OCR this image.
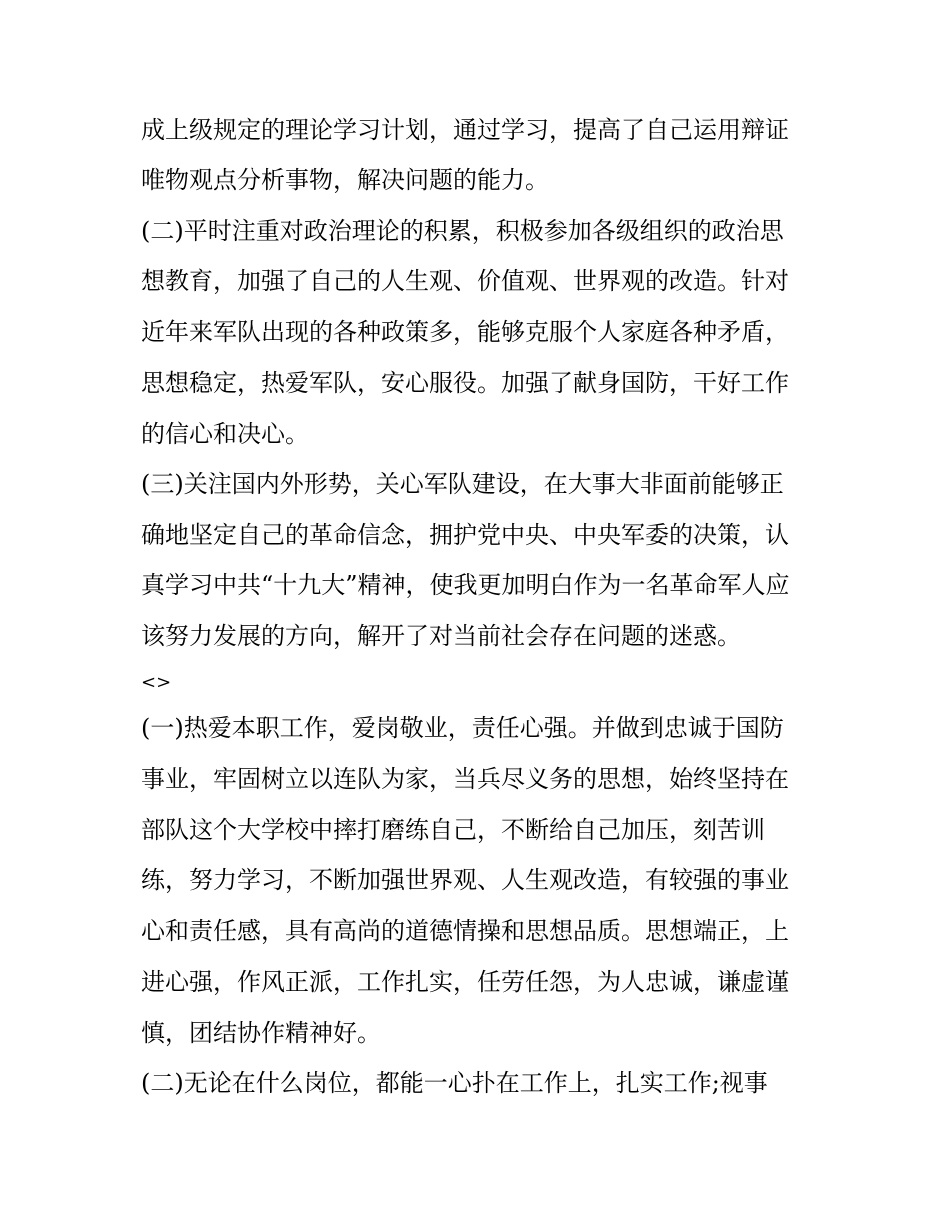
成上级规定的理论学习计划，通过学习，提高了自己运用辩证
唯物观点分析事物，解决问题的能力。
(二)平时注重对政治理论的积累，积极参加各级组织的政治思
想教育，加强了自己的人生观、价值观、世界观的改造。针对
近年来军队出现的各种政策多，能够克服个人家庭各种矛盾，
思想稳定，热爱军队，安心服役。加强了献身国防，干好工作
的信心和决心。
(三)关注国内外形势，关心军队建设，在大事大非面前能够正
确地坚定自己的革命信念，拥护党中央、中央军委的决策，认
真学习中共“十九大”精神，使我更加明白作为一名革命军人应
该努力发展的方向，解开了对当前社会存在问题的迷惑。
<>
(一)热爱本职工作，爱岗敬业，责任心强。并做到忠诚于国防
事业，牢固树立以连队为家，当兵尽义务的思想，始终坚持在
部队这个大学校中摔打磨练自己，不断给自己加压，刻苦训
练，努力学习，不断加强世界观、人生观改造，有较强的事业
心和责任感，具有高尚的道德情操和思想品质。思想端正，上
进心强，作风正派，工作扎实，任劳任怨，为人忠诚，谦虚谨
慎，团结协作精神好。
(二)无论在什么岗位，都能一心扑在工作上，扎实工作;视事
